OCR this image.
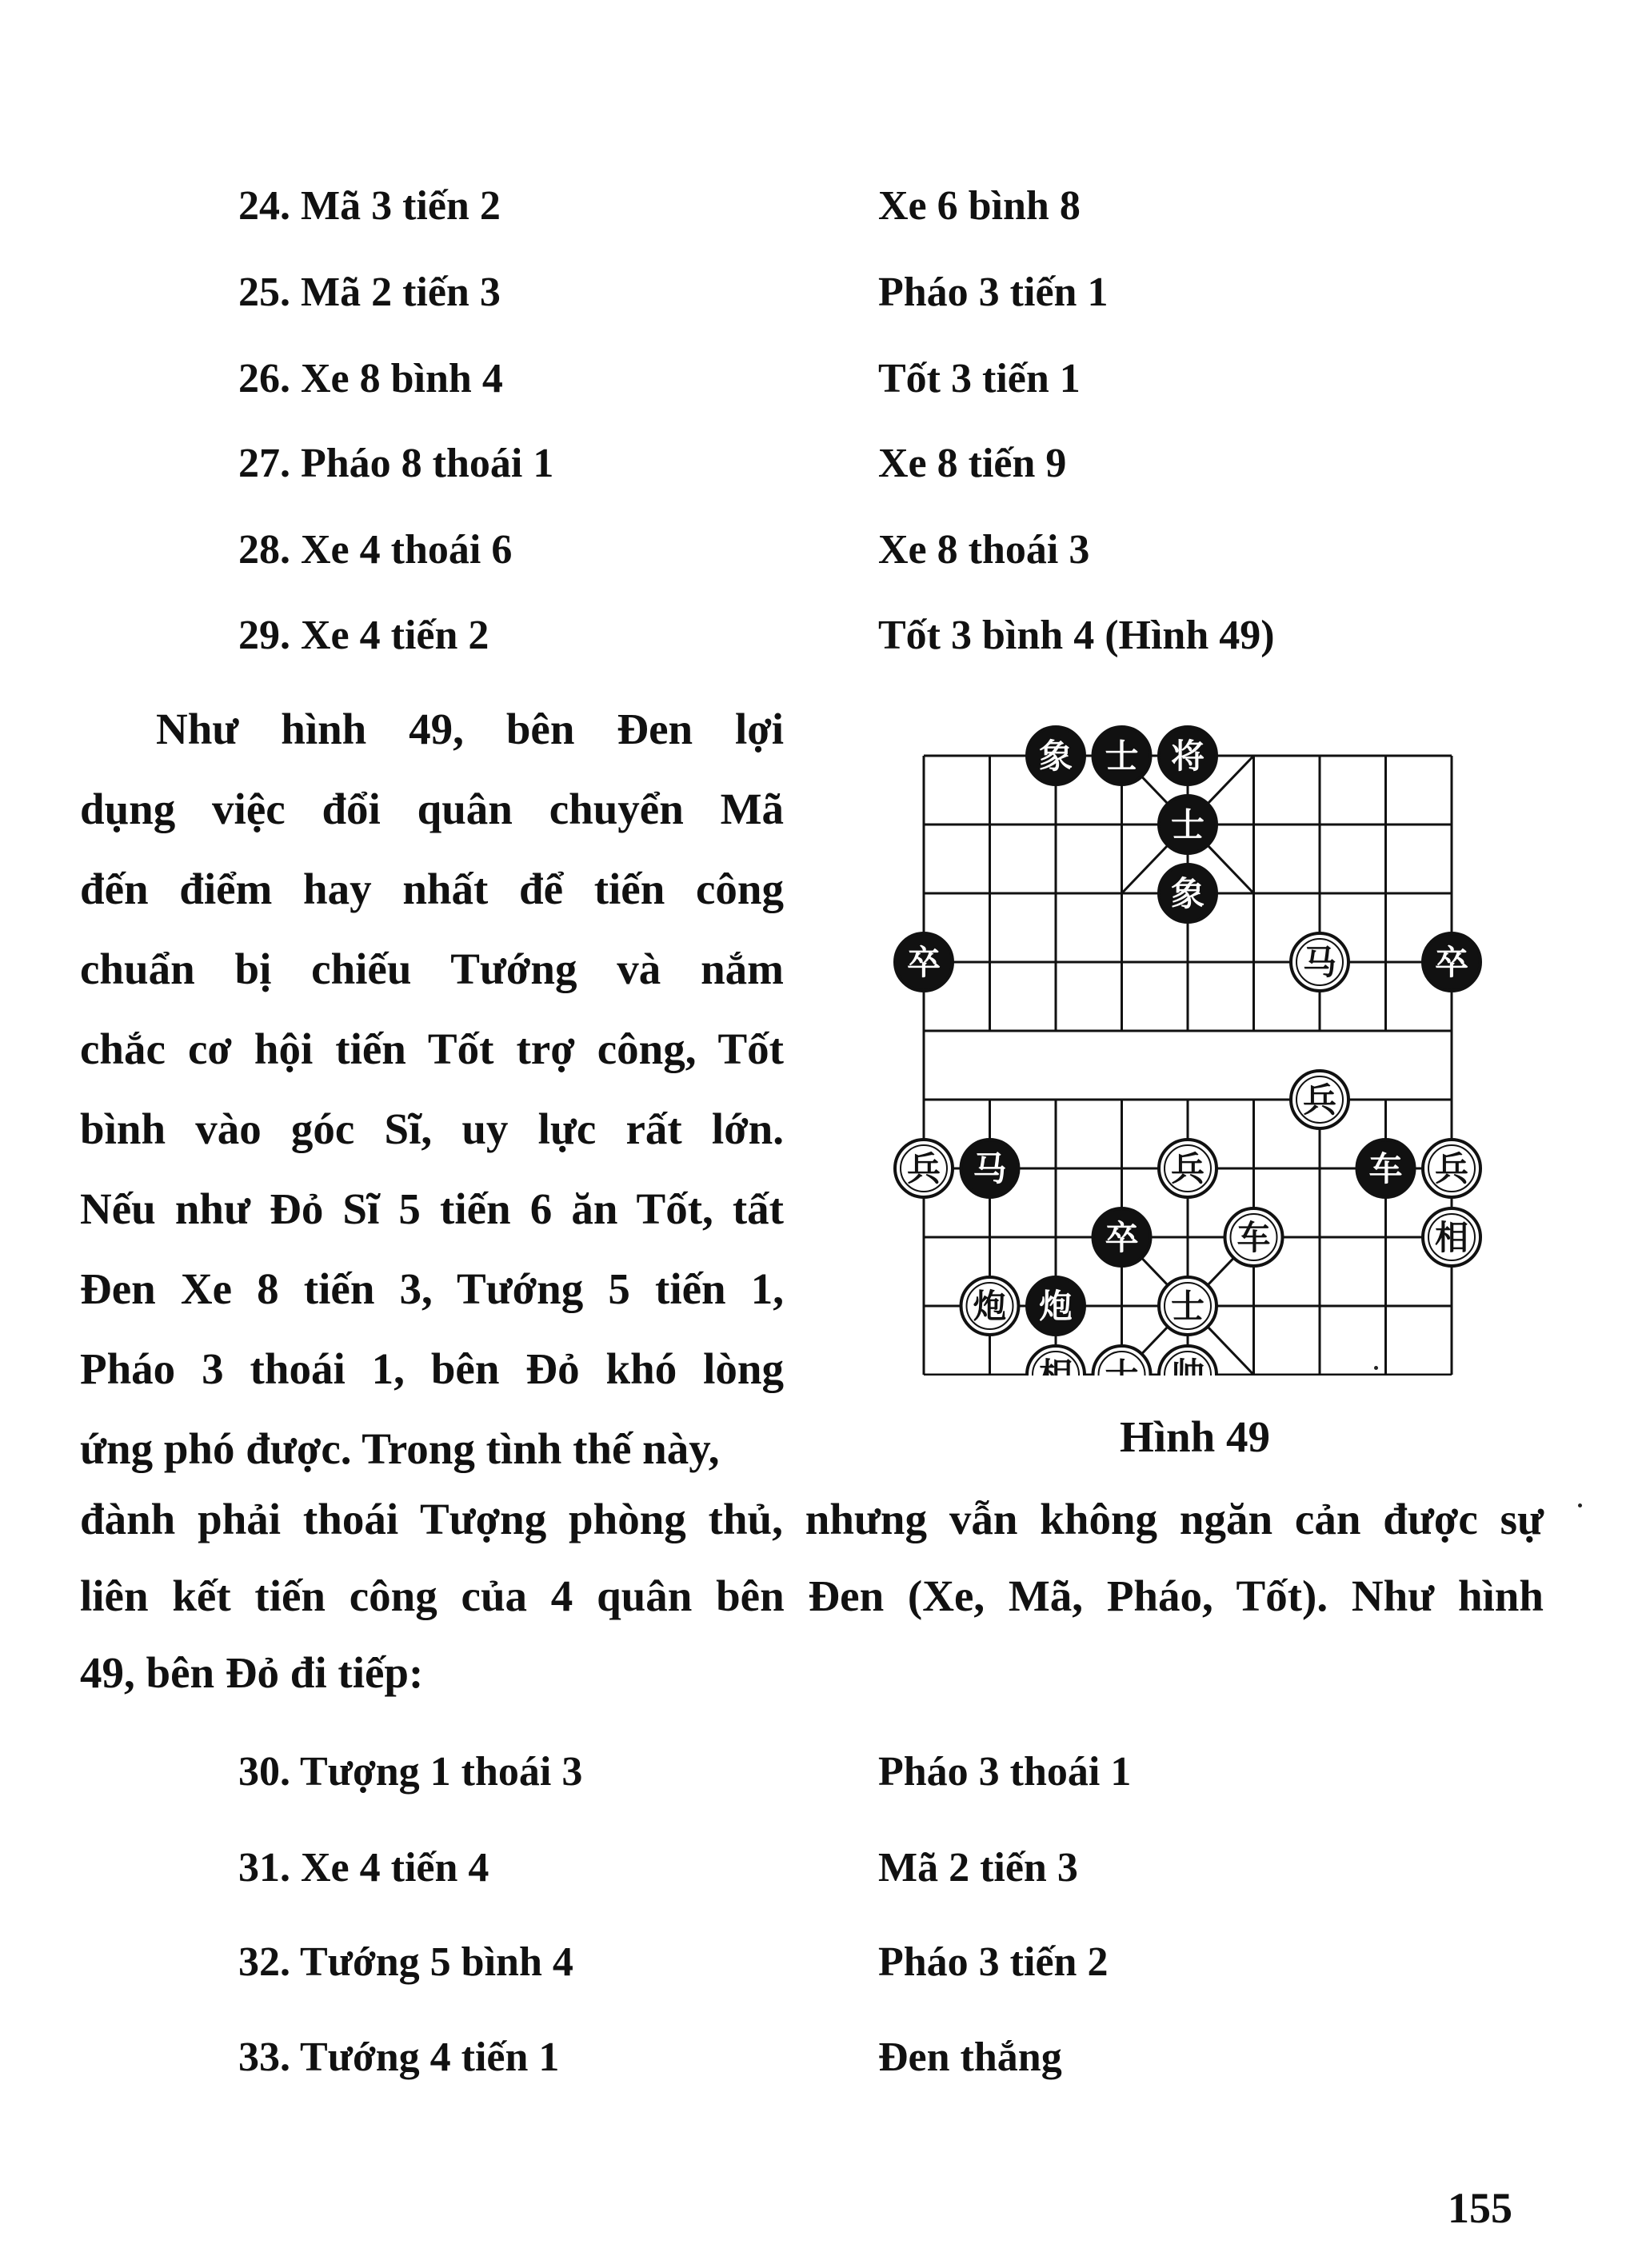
24. Mã 3 tiến 2	Xe 6 bình 8
25. Mã 2 tiến 3	Pháo 3 tiến 1
26. Xe 8 bình 4	Tốt 3 tiến 1
27. Pháo 8 thoái 1	Xe 8 tiến 9
28. Xe 4 thoái 6	Xe 8 thoái 3
29. Xe 4 tiến 2	Tốt 3 bình 4 (Hình 49)
Như hình 49, bên Đen lợi
dụng việc đổi quân chuyển Mã
đến điểm hay nhất để tiến công
chuẩn bị chiếu Tướng và nắm
chắc cơ hội tiến Tốt trợ công, Tốt
bình vào góc Sĩ, uy lực rất lớn.
Nếu như Đỏ Sĩ 5 tiến 6 ăn Tốt, tất
Đen Xe 8 tiến 3, Tướng 5 tiến 1,
Pháo 3 thoái 1, bên Đỏ khó lòng
ứng phó được. Trong tình thế này,
象 士 将
士
象
卒	马	卒
兵
兵 马	兵	车 兵
卒	车	相
炮 炮	士
相 士 帅
Hình 49
đành phải thoái Tượng phòng thủ, nhưng vẫn không ngăn cản được sự
liên kết tiến công của 4 quân bên Đen (Xe, Mã, Pháo, Tốt). Như hình
49, bên Đỏ đi tiếp:
30. Tượng 1 thoái 3	Pháo 3 thoái 1
31. Xe 4 tiến 4	Mã 2 tiến 3
32. Tướng 5 bình 4	Pháo 3 tiến 2
33. Tướng 4 tiến 1	Đen thắng
155
